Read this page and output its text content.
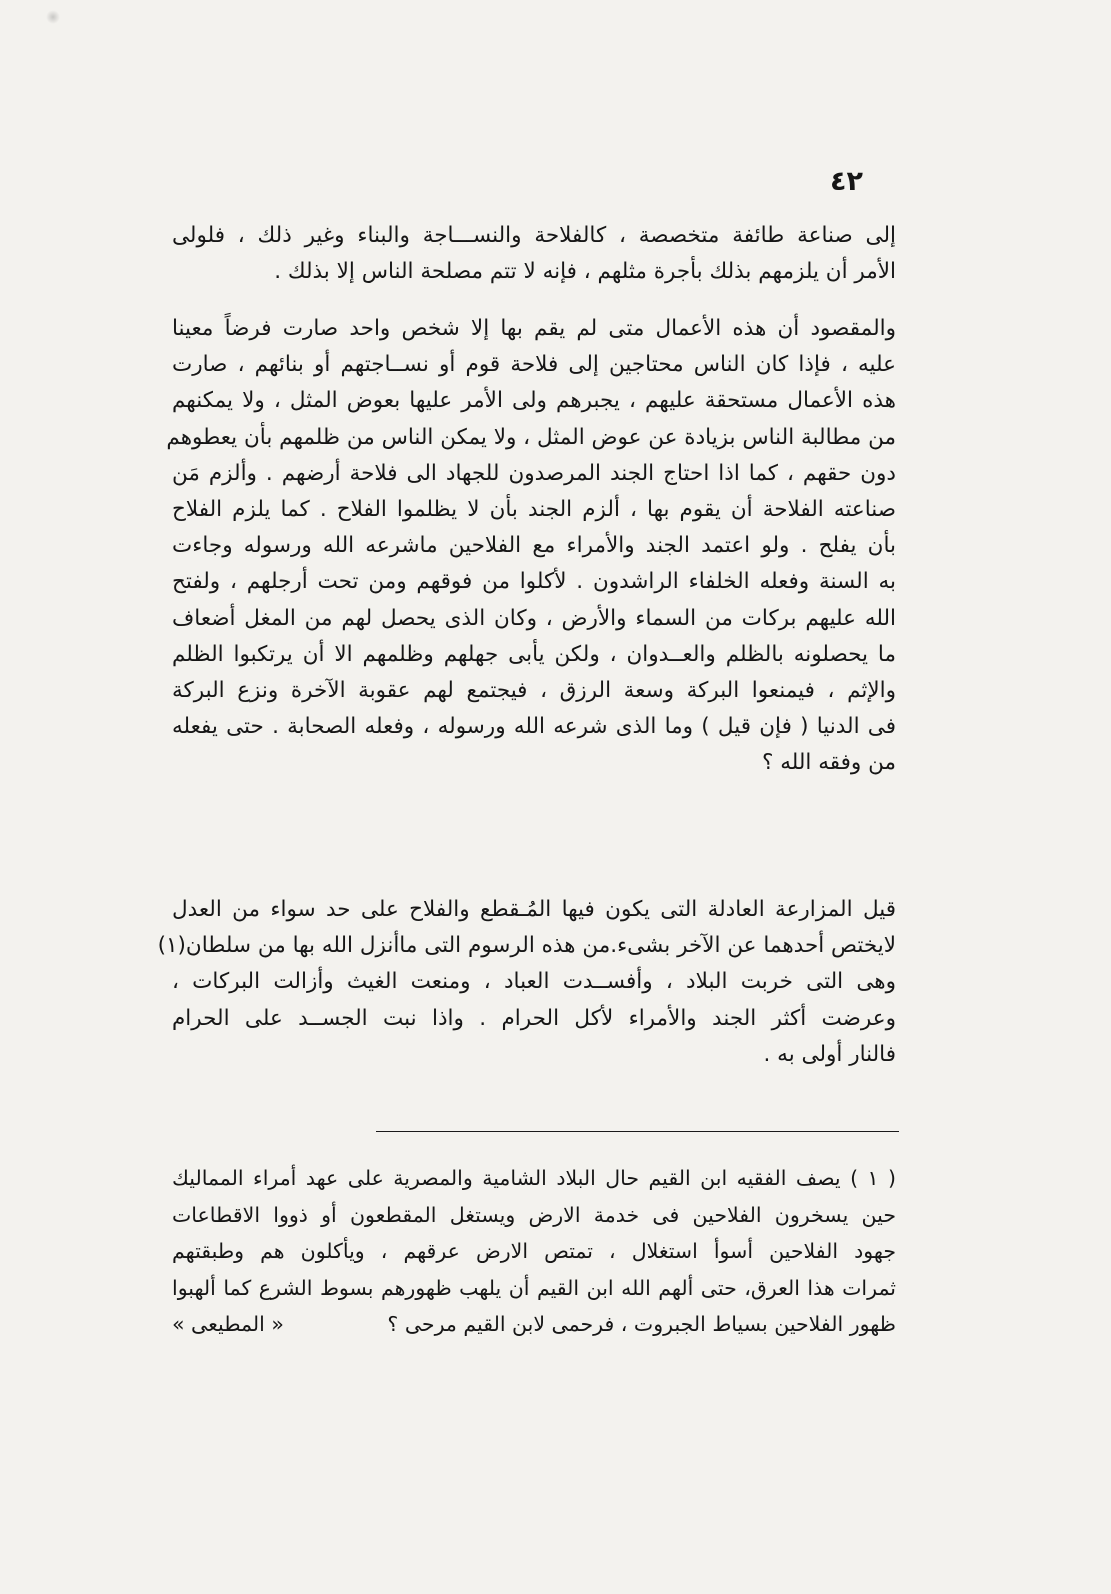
٤٢
إلى صناعة طائفة متخصصة ، كالفلاحة والنســـاجة والبناء وغير ذلك ، فلولى
الأمر أن يلزمهم بذلك بأجرة مثلهم ، فإنه لا تتم مصلحة الناس إلا بذلك .
والمقصود أن هذه الأعمال متى لم يقم بها إلا شخص واحد صارت فرضاً معينا
عليه ، فإذا كان الناس محتاجين إلى فلاحة قوم أو نســاجتهم أو بنائهم ، صارت
هذه الأعمال مستحقة عليهم ، يجبرهم ولى الأمر عليها بعوض المثل ، ولا يمكنهم
من مطالبة الناس بزيادة عن عوض المثل ، ولا يمكن الناس من ظلمهم بأن يعطوهم
دون حقهم ، كما اذا احتاج الجند المرصدون للجهاد الى فلاحة أرضهم . وألزم مَن
صناعته الفلاحة أن يقوم بها ، ألزم الجند بأن لا يظلموا الفلاح . كما يلزم الفلاح
بأن يفلح . ولو اعتمد الجند والأمراء مع الفلاحين ماشرعه الله ورسوله وجاءت
به السنة وفعله الخلفاء الراشدون . لأكلوا من فوقهم ومن تحت أرجلهم ، ولفتح
الله عليهم بركات من السماء والأرض ، وكان الذى يحصل لهم من المغل أضعاف
ما يحصلونه بالظلم والعــدوان ، ولكن يأبى جهلهم وظلمهم الا أن يرتكبوا الظلم
والإثم ، فيمنعوا البركة وسعة الرزق ، فيجتمع لهم عقوبة الآخرة ونزع البركة
فى الدنيا ( فإن قيل ) وما الذى شرعه الله ورسوله ، وفعله الصحابة . حتى يفعله
من وفقه الله ؟
قيل المزارعة العادلة التى يكون فيها المُـقطع والفلاح على حد سواء من العدل
لايختص أحدهما عن الآخر بشىء.من هذه الرسوم التى ماأنزل الله بها من سلطان(١)
وهى التى خربت البلاد ، وأفســدت العباد ، ومنعت الغيث وأزالت البركات ،
وعرضت أكثر الجند والأمراء لأكل الحرام . واذا نبت الجســد على الحرام
فالنار أولى به .
( ١ ) يصف الفقيه ابن القيم حال البلاد الشامية والمصرية على عهد أمراء المماليك
حين يسخرون الفلاحين فى خدمة الارض ويستغل المقطعون أو ذووا الاقطاعات
جهود الفلاحين أسوأ استغلال ، تمتص الارض عرقهم ، ويأكلون هم وطبقتهم
ثمرات هذا العرق، حتى ألهم الله ابن القيم أن يلهب ظهورهم بسوط الشرع كما ألهبوا
ظهور الفلاحين بسياط الجبروت ، فرحمى لابن القيم مرحى ؟
« المطيعى »
